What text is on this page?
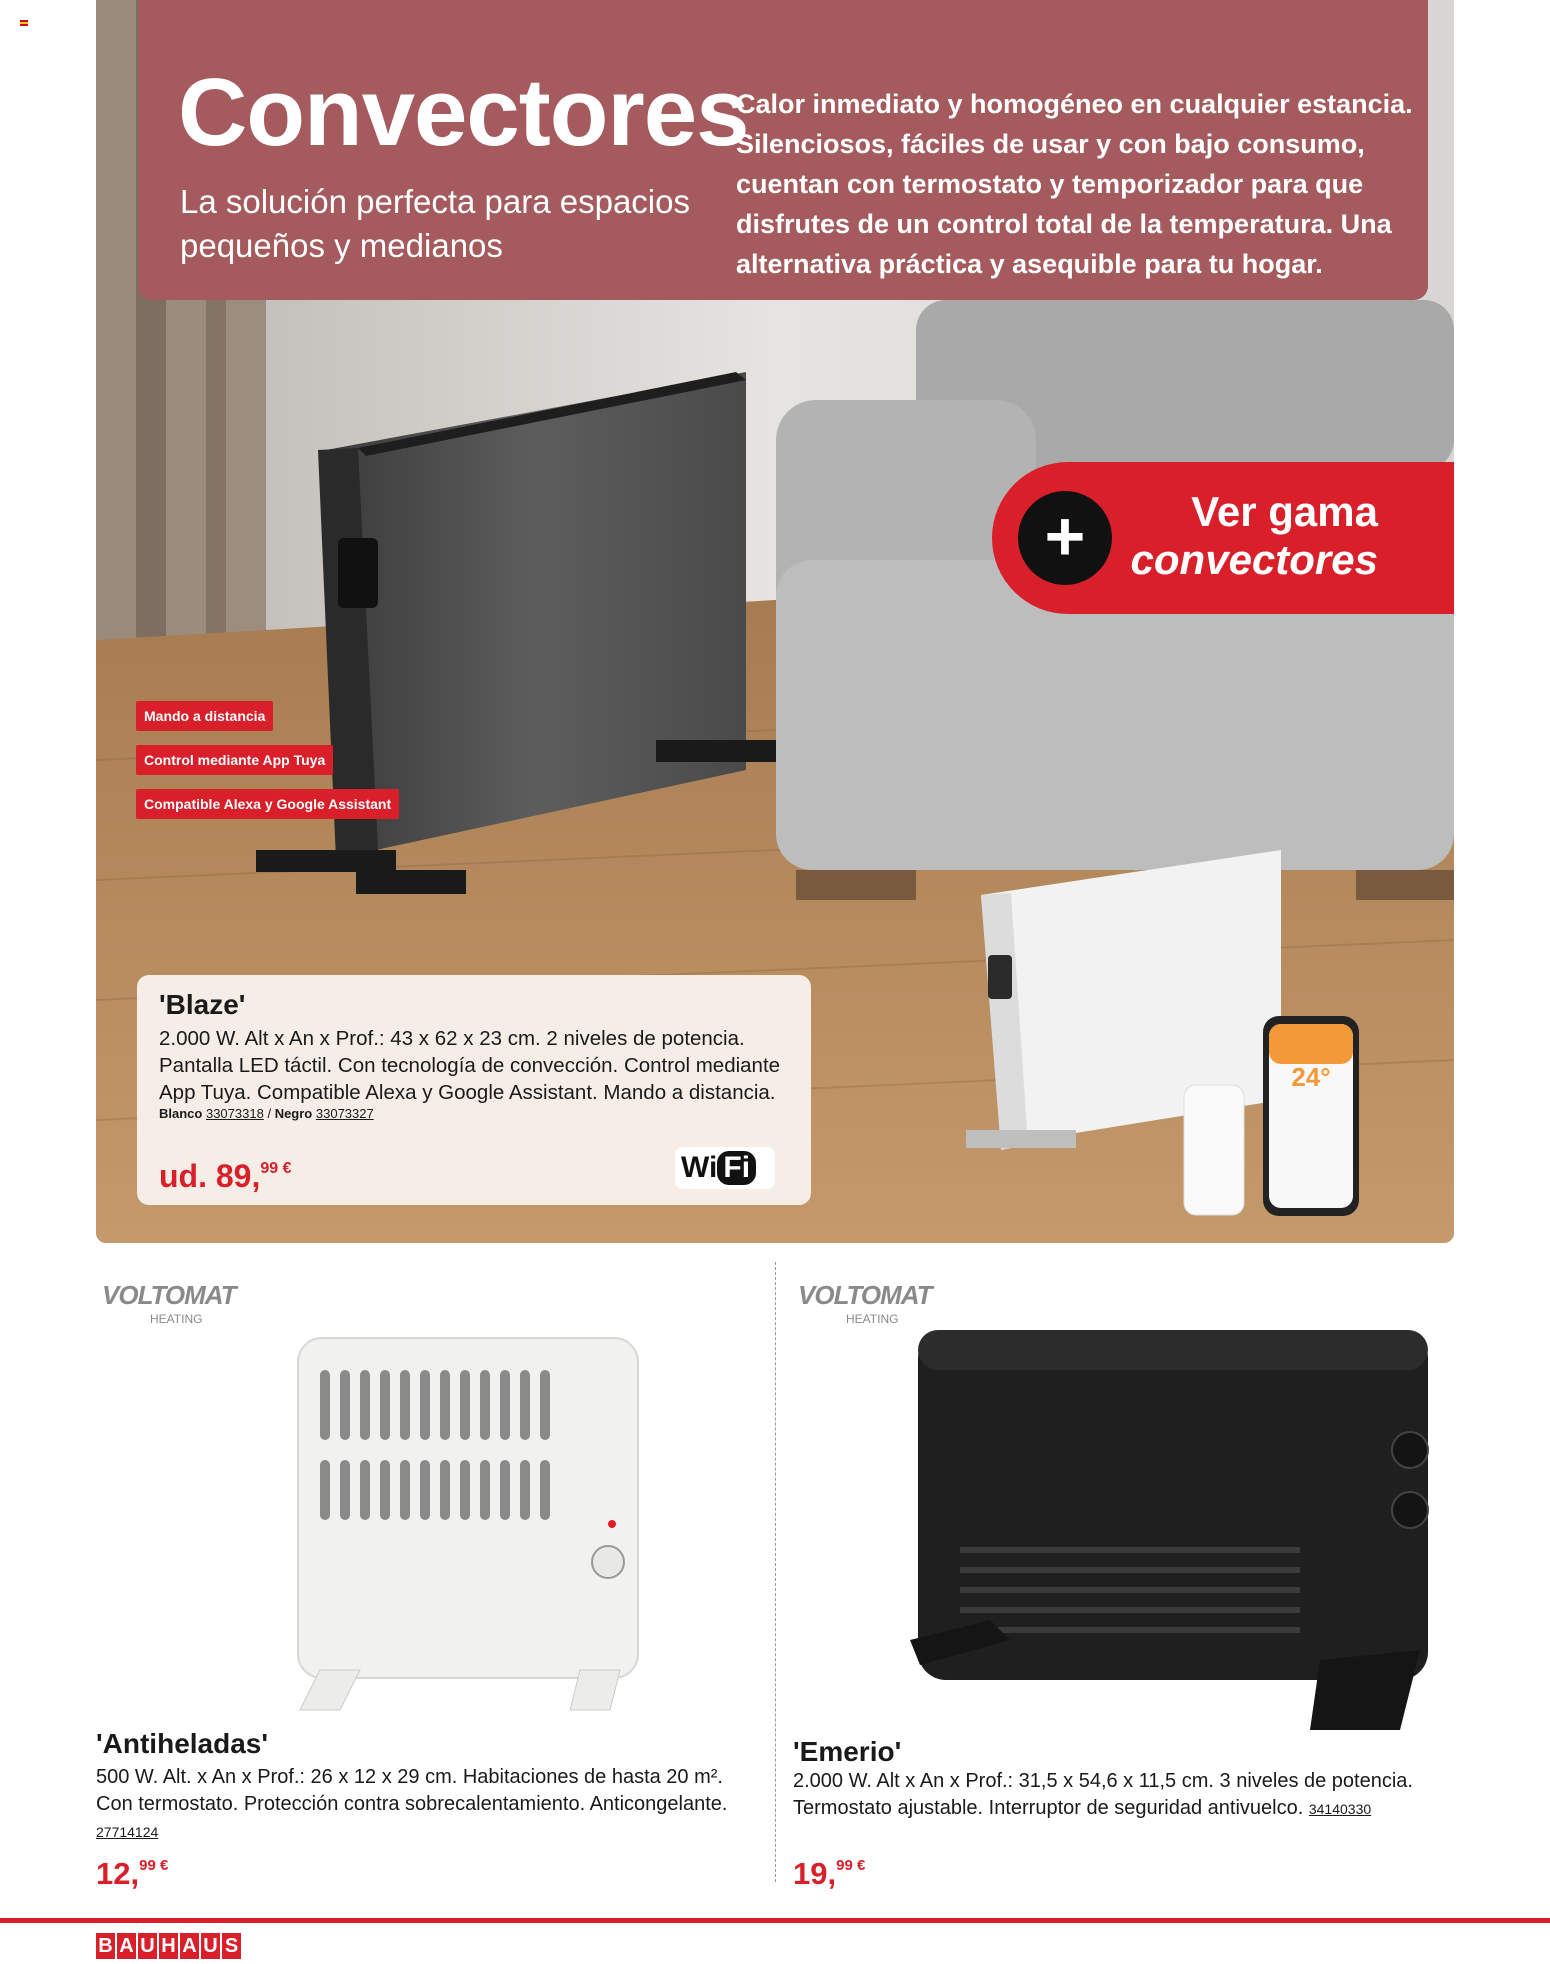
24°
Convectores
La solución perfecta para espacios pequeños y medianos
Calor inmediato y homogéneo en cualquier estancia. Silenciosos, fáciles de usar y con bajo consumo, cuentan con termostato y temporizador para que disfrutes de un control total de la temperatura. Una alternativa práctica y asequible para tu hogar.
+	Ver gama
convectores
Mando a distancia
Control mediante App Tuya
Compatible Alexa y Google Assistant
'Blaze'
2.000 W. Alt x An x Prof.: 43 x 62 x 23 cm. 2 niveles de potencia. Pantalla LED táctil. Con tecnología de convección. Control mediante App Tuya. Compatible Alexa y Google Assistant. Mando a distancia.
Blanco 33073318 / Negro 33073327
ud. 89,$^{99 €}$	Wi Fi
VOLTOMAT
HEATING
'Antiheladas'
500 W. Alt. x An x Prof.: 26 x 12 x 29 cm. Habitaciones de hasta 20 m². Con termostato. Protección contra sobrecalentamiento. Anticongelante. 27714124
12,$^{99 €}$
VOLTOMAT
HEATING
'Emerio'
2.000 W. Alt x An x Prof.: 31,5 x 54,6 x 11,5 cm. 3 niveles de potencia. Termostato ajustable. Interruptor de seguridad antivuelco. 34140330
19,$^{99 €}$
B A U H A U S
